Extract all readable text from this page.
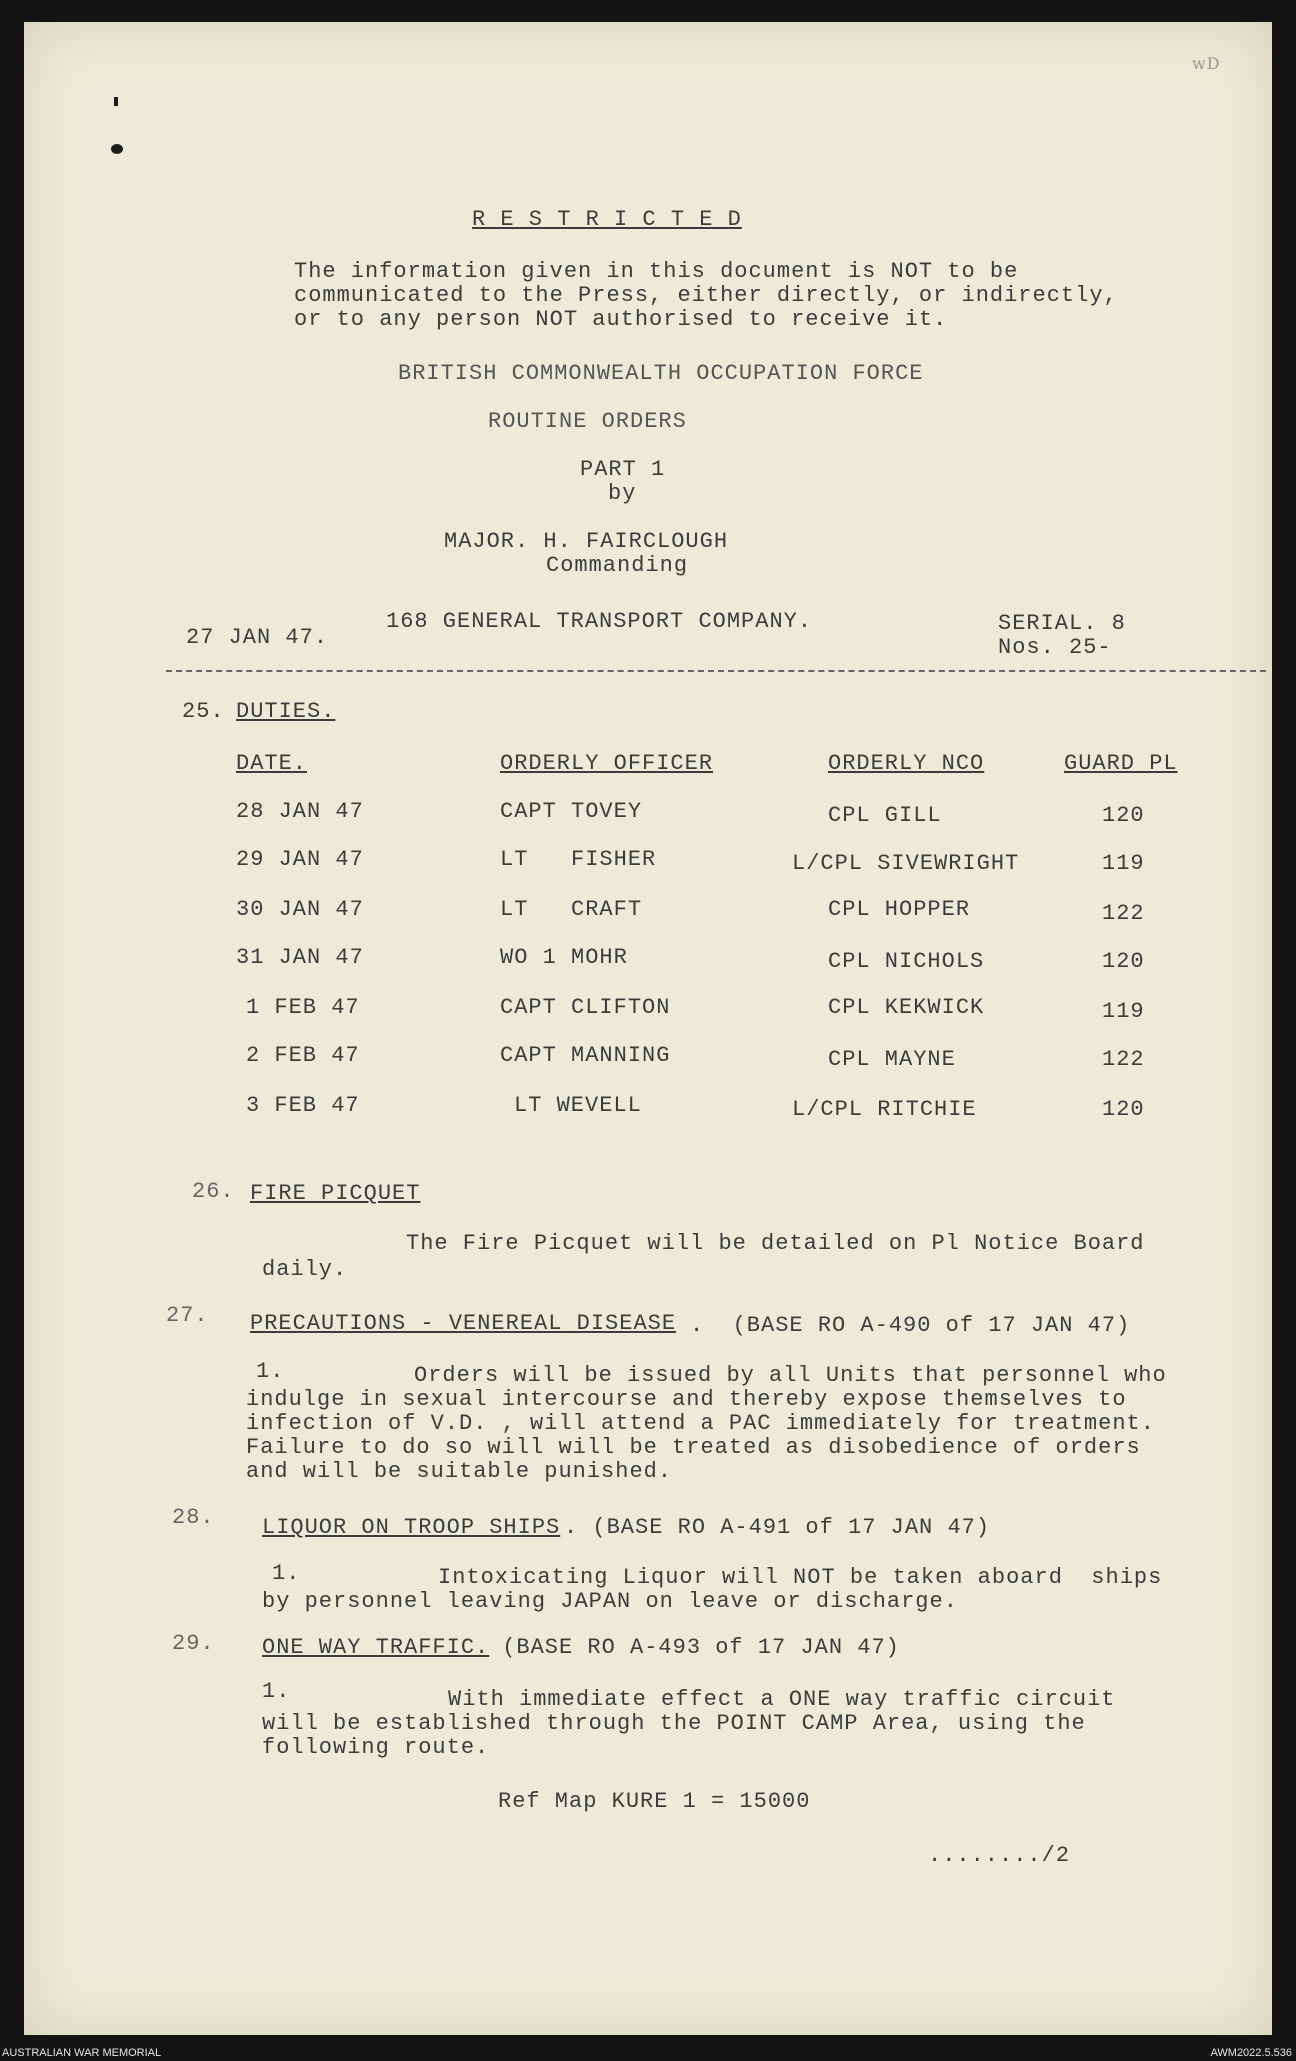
wD
R E S T R I C T E D
The information given in this document is NOT to be
communicated to the Press, either directly, or indirectly,
or to any person NOT authorised to receive it.
BRITISH COMMONWEALTH OCCUPATION FORCE
ROUTINE ORDERS
PART 1
by
MAJOR. H. FAIRCLOUGH
Commanding
168 GENERAL TRANSPORT COMPANY.
27 JAN 47.
SERIAL. 8
Nos. 25-
25. DUTIES.
DATE.	ORDERLY OFFICER	ORDERLY NCO	GUARD PL
28 JAN 47	CAPT TOVEY	CPL GILL	120
29 JAN 47	LT   FISHER	L/CPL SIVEWRIGHT	119
30 JAN 47	LT   CRAFT	CPL HOPPER	122
31 JAN 47	WO 1 MOHR	CPL NICHOLS	120
1 FEB 47	CAPT CLIFTON	CPL KEKWICK	119
2 FEB 47	CAPT MANNING	CPL MAYNE	122
3 FEB 47	LT WEVELL	L/CPL RITCHIE	120
26. FIRE PICQUET
The Fire Picquet will be detailed on Pl Notice Board
daily.
27. PRECAUTIONS - VENEREAL DISEASE .  (BASE RO A-490 of 17 JAN 47)
1.	Orders will be issued by all Units that personnel who
indulge in sexual intercourse and thereby expose themselves to
infection of V.D. , will attend a PAC immediately for treatment.
Failure to do so will will be treated as disobedience of orders
and will be suitable punished.
28. LIQUOR ON TROOP SHIPS . (BASE RO A-491 of 17 JAN 47)
1.	Intoxicating Liquor will NOT be taken aboard  ships
by personnel leaving JAPAN on leave or discharge.
29. ONE WAY TRAFFIC.
(BASE RO A-493 of 17 JAN 47)
1.	With immediate effect a ONE way traffic circuit
will be established through the POINT CAMP Area, using the
following route.
Ref Map KURE 1 = 15000
......../2
AUSTRALIAN WAR MEMORIAL	AWM2022.5.536
